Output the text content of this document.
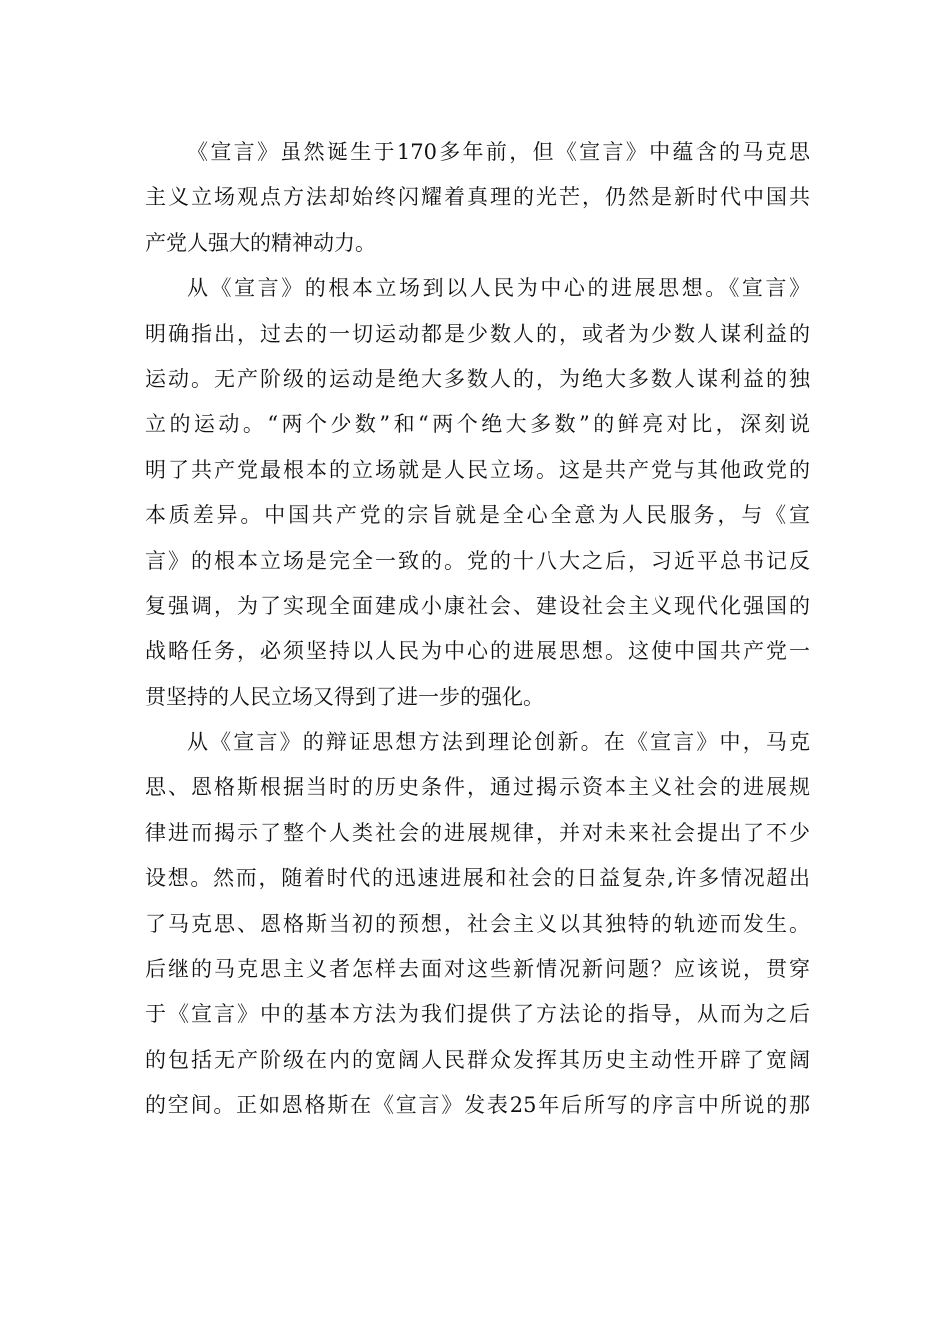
《宣言》虽然诞生于170多年前，但《宣言》中蕴含的马克思
主义立场观点方法却始终闪耀着真理的光芒，仍然是新时代中国共
产党人强大的精神动力。
从《宣言》的根本立场到以人民为中心的进展思想。《宣言》
明确指出，过去的一切运动都是少数人的，或者为少数人谋利益的
运动。无产阶级的运动是绝大多数人的，为绝大多数人谋利益的独
立的运动。“两个少数”和“两个绝大多数”的鲜亮对比，深刻说
明了共产党最根本的立场就是人民立场。这是共产党与其他政党的
本质差异。中国共产党的宗旨就是全心全意为人民服务，与《宣
言》的根本立场是完全一致的。党的十八大之后，习近平总书记反
复强调，为了实现全面建成小康社会、建设社会主义现代化强国的
战略任务，必须坚持以人民为中心的进展思想。这使中国共产党一
贯坚持的人民立场又得到了进一步的强化。
从《宣言》的辩证思想方法到理论创新。在《宣言》中，马克
思、恩格斯根据当时的历史条件，通过揭示资本主义社会的进展规
律进而揭示了整个人类社会的进展规律，并对未来社会提出了不少
设想。然而，随着时代的迅速进展和社会的日益复杂,许多情况超出
了马克思、恩格斯当初的预想，社会主义以其独特的轨迹而发生。
后继的马克思主义者怎样去面对这些新情况新问题？应该说，贯穿
于《宣言》中的基本方法为我们提供了方法论的指导，从而为之后
的包括无产阶级在内的宽阔人民群众发挥其历史主动性开辟了宽阔
的空间。正如恩格斯在《宣言》发表25年后所写的序言中所说的那
